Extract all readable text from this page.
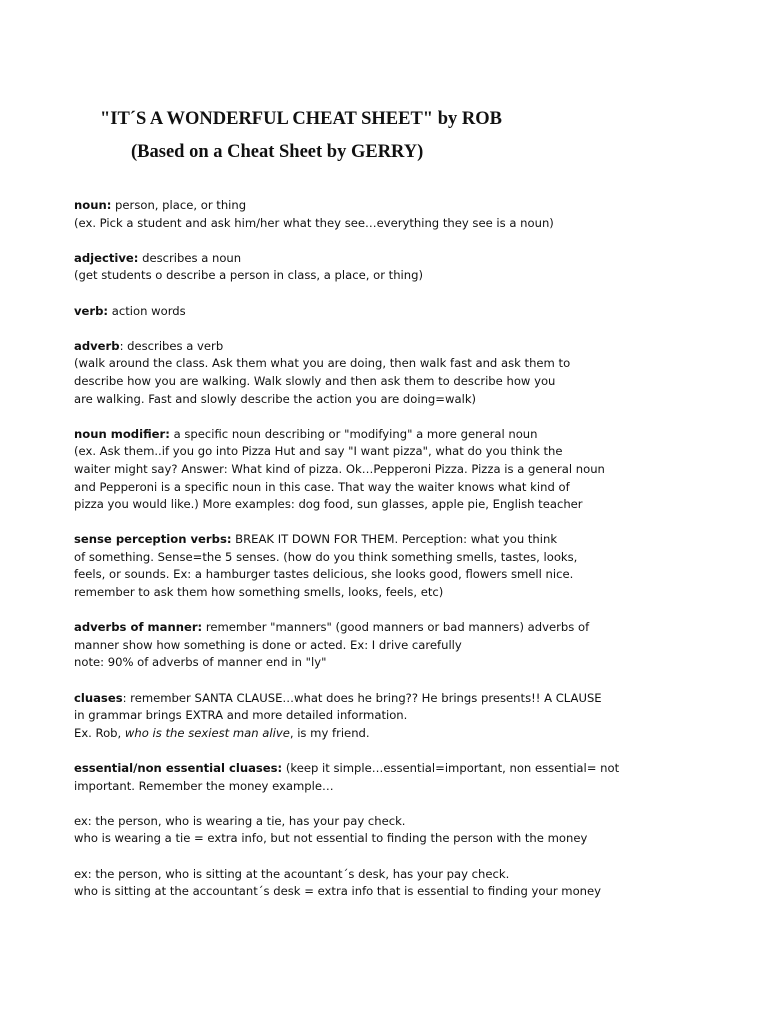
"IT´S A WONDERFUL CHEAT SHEET" by ROB
(Based on a Cheat Sheet by GERRY)
noun: person, place, or thing
(ex. Pick a student and ask him/her what they see…everything they see is a noun)
adjective: describes a noun
(get students o describe a person in class, a place, or thing)
verb: action words
adverb: describes a verb
(walk around the class. Ask them what you are doing, then walk fast and ask them to
describe how you are walking. Walk slowly and then ask them to describe how you
are walking. Fast and slowly describe the action you are doing=walk)
noun modifier: a specific noun describing or "modifying" a more general noun
(ex. Ask them..if you go into Pizza Hut and say "I want pizza", what do you think the
waiter might say? Answer: What kind of pizza. Ok…Pepperoni Pizza. Pizza is a general noun
and Pepperoni is a specific noun in this case. That way the waiter knows what kind of
pizza you would like.) More examples: dog food, sun glasses, apple pie, English teacher
sense perception verbs: BREAK IT DOWN FOR THEM. Perception: what you think
of something. Sense=the 5 senses. (how do you think something smells, tastes, looks,
feels, or sounds. Ex: a hamburger tastes delicious, she looks good, flowers smell nice.
remember to ask them how something smells, looks, feels, etc)
adverbs of manner: remember "manners" (good manners or bad manners) adverbs of
manner show how something is done or acted. Ex: I drive carefully
note: 90% of adverbs of manner end in "ly"
cluases: remember SANTA CLAUSE…what does he bring?? He brings presents!! A CLAUSE
in grammar brings EXTRA and more detailed information.
Ex. Rob, who is the sexiest man alive, is my friend.
essential/non essential cluases: (keep it simple…essential=important, non essential= not
important. Remember the money example…
ex: the person, who is wearing a tie, has your pay check.
who is wearing a tie = extra info, but not essential to finding the person with the money
ex: the person, who is sitting at the acountant´s desk, has your pay check.
who is sitting at the accountant´s desk = extra info that is essential to finding your money
